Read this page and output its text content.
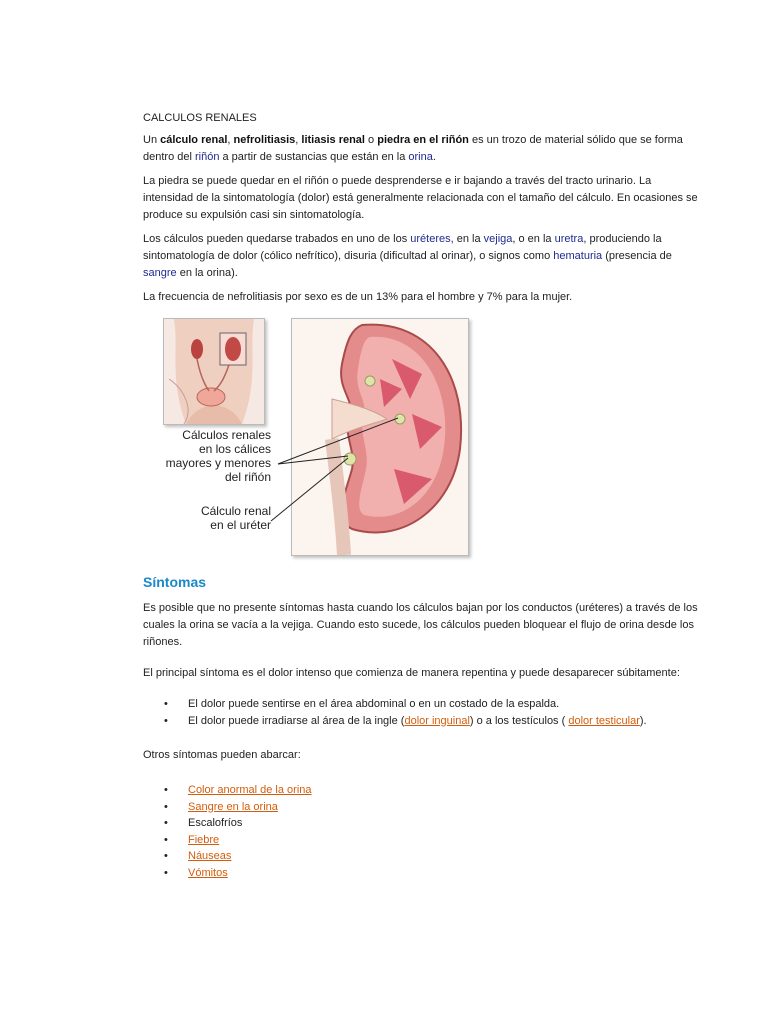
CALCULOS RENALES

Un cálculo renal, nefrolitiasis, litiasis renal o piedra en el riñón es un trozo de material sólido que se forma dentro del riñón a partir de sustancias que están en la orina.

La piedra se puede quedar en el riñón o puede desprenderse e ir bajando a través del tracto urinario. La intensidad de la sintomatología (dolor) está generalmente relacionada con el tamaño del cálculo. En ocasiones se produce su expulsión casi sin sintomatología.

Los cálculos pueden quedarse trabados en uno de los uréteres, en la vejiga, o en la uretra, produciendo la sintomatología de dolor (cólico nefrítico), disuria (dificultad al orinar), o signos como hematuria (presencia de sangre en la orina).

La frecuencia de nefrolitiasis por sexo es de un 13% para el hombre y 7% para la mujer.

Cálculos renales
en los cálices
mayores y menores
del riñón
Cálculo renal
en el uréter
Síntomas

Es posible que no presente síntomas hasta cuando los cálculos bajan por los conductos (uréteres) a través de los cuales la orina se vacía a la vejiga. Cuando esto sucede, los cálculos pueden bloquear el flujo de orina desde los riñones.

El principal síntoma es el dolor intenso que comienza de manera repentina y puede desaparecer súbitamente:

• El dolor puede sentirse en el área abdominal o en un costado de la espalda.
• El dolor puede irradiarse al área de la ingle (dolor inguinal) o a los testículos ( dolor testicular).

Otros síntomas pueden abarcar:

• Color anormal de la orina
• Sangre en la orina
• Escalofríos
• Fiebre
• Náuseas
• Vómitos
